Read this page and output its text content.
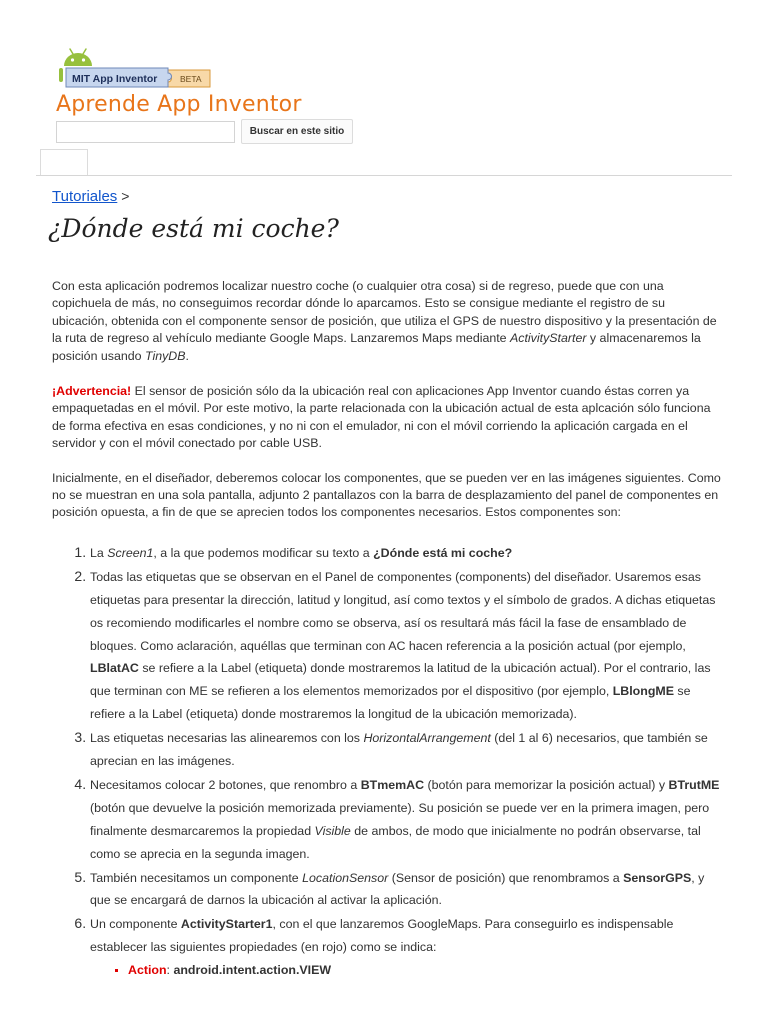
MIT App Inventor	BETA
Aprende App Inventor
Buscar en este sitio

Tutoriales >

¿Dónde está mi coche?

Con esta aplicación podremos localizar nuestro coche (o cualquier otra cosa) si de regreso, puede que con una copichuela de más, no conseguimos recordar dónde lo aparcamos. Esto se consigue mediante el registro de su ubicación, obtenida con el componente sensor de posición, que utiliza el GPS de nuestro dispositivo y la presentación de la ruta de regreso al vehículo mediante Google Maps. Lanzaremos Maps mediante ActivityStarter y almacenaremos la posición usando TinyDB.

¡Advertencia! El sensor de posición sólo da la ubicación real con aplicaciones App Inventor cuando éstas corren ya empaquetadas en el móvil. Por este motivo, la parte relacionada con la ubicación actual de esta aplcación sólo funciona de forma efectiva en esas condiciones, y no ni con el emulador, ni con el móvil corriendo la aplicación cargada en el servidor y con el móvil conectado por cable USB.

Inicialmente, en el diseñador, deberemos colocar los componentes, que se pueden ver en las imágenes siguientes. Como no se muestran en una sola pantalla, adjunto 2 pantallazos con la barra de desplazamiento del panel de componentes en posición opuesta, a fin de que se aprecien todos los componentes necesarios. Estos componentes son:

1. La Screen1, a la que podemos modificar su texto a ¿Dónde está mi coche?
2. Todas las etiquetas que se observan en el Panel de componentes (components) del diseñador. Usaremos esas etiquetas para presentar la dirección, latitud y longitud, así como textos y el símbolo de grados. A dichas etiquetas os recomiendo modificarles el nombre como se observa, así os resultará más fácil la fase de ensamblado de bloques. Como aclaración, aquéllas que terminan con AC hacen referencia a la posición actual (por ejemplo, LBlatAC se refiere a la Label (etiqueta) donde mostraremos la latitud de la ubicación actual). Por el contrario, las que terminan con ME se refieren a los elementos memorizados por el dispositivo (por ejemplo, LBlongME se refiere a la Label (etiqueta) donde mostraremos la longitud de la ubicación memorizada).
3. Las etiquetas necesarias las alinearemos con los HorizontalArrangement (del 1 al 6) necesarios, que también se aprecian en las imágenes.
4. Necesitamos colocar 2 botones, que renombro a BTmemAC (botón para memorizar la posición actual) y BTrutME (botón que devuelve la posición memorizada previamente). Su posición se puede ver en la primera imagen, pero finalmente desmarcaremos la propiedad Visible de ambos, de modo que inicialmente no podrán observarse, tal como se aprecia en la segunda imagen.
5. También necesitamos un componente LocationSensor (Sensor de posición) que renombramos a SensorGPS, y que se encargará de darnos la ubicación al activar la aplicación.
6. Un componente ActivityStarter1, con el que lanzaremos GoogleMaps. Para conseguirlo es indispensable establecer las siguientes propiedades (en rojo) como se indica:
▪ Action: android.intent.action.VIEW
